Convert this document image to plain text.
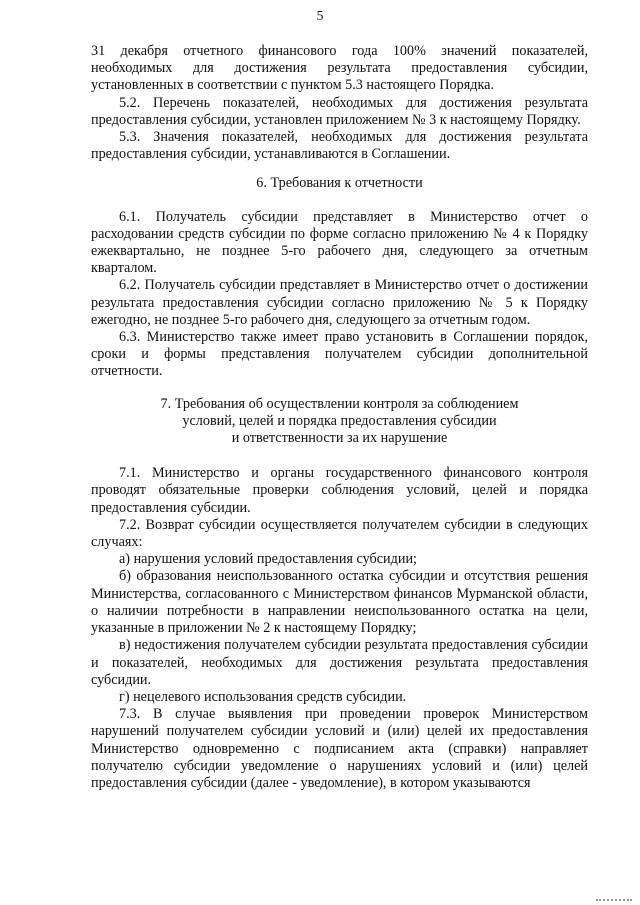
5

31 декабря отчетного финансового года 100% значений показателей, необходимых для достижения результата предоставления субсидии, установленных в соответствии с пунктом 5.3 настоящего Порядка.

5.2. Перечень показателей, необходимых для достижения результата предоставления субсидии, установлен приложением № 3 к настоящему Порядку.

5.3. Значения показателей, необходимых для достижения результата предоставления субсидии, устанавливаются в Соглашении.

6. Требования к отчетности

6.1. Получатель субсидии представляет в Министерство отчет о расходовании средств субсидии по форме согласно приложению № 4 к Порядку ежеквартально, не позднее 5-го рабочего дня, следующего за отчетным кварталом.

6.2. Получатель субсидии представляет в Министерство отчет о достижении результата предоставления субсидии согласно приложению № 5 к Порядку ежегодно, не позднее 5-го рабочего дня, следующего за отчетным годом.

6.3. Министерство также имеет право установить в Соглашении порядок, сроки и формы представления получателем субсидии дополнительной отчетности.

7. Требования об осуществлении контроля за соблюдением
условий, целей и порядка предоставления субсидии
и ответственности за их нарушение

7.1. Министерство и органы государственного финансового контроля проводят обязательные проверки соблюдения условий, целей и порядка предоставления субсидии.

7.2. Возврат субсидии осуществляется получателем субсидии в следующих случаях:

а) нарушения условий предоставления субсидии;

б) образования неиспользованного остатка субсидии и отсутствия решения Министерства, согласованного с Министерством финансов Мурманской области, о наличии потребности в направлении неиспользованного остатка на цели, указанные в приложении № 2 к настоящему Порядку;

в) недостижения получателем субсидии результата предоставления субсидии и показателей, необходимых для достижения результата предоставления субсидии.

г) нецелевого использования средств субсидии.

7.3. В случае выявления при проведении проверок Министерством нарушений получателем субсидии условий и (или) целей их предоставления Министерство одновременно с подписанием акта (справки) направляет получателю субсидии уведомление о нарушениях условий и (или) целей предоставления субсидии (далее - уведомление), в котором указываются
